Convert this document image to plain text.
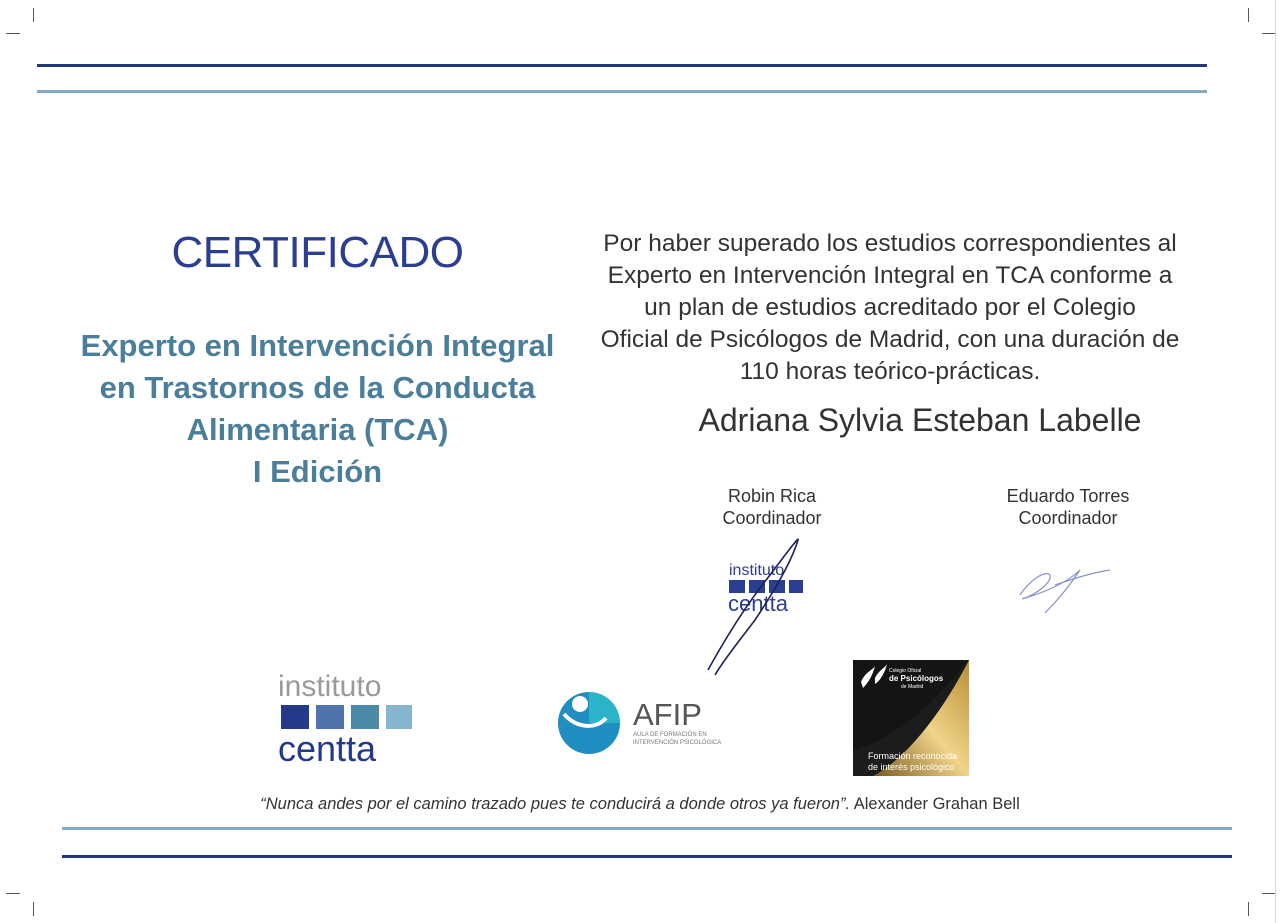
CERTIFICADO
Experto en Intervención Integral
en Trastornos de la Conducta
Alimentaria (TCA)
I Edición
Por haber superado los estudios correspondientes al
Experto en Intervención Integral en TCA conforme a
un plan de estudios acreditado por el Colegio
Oficial de Psicólogos de Madrid, con una duración de
110 horas teórico-prácticas.
Adriana Sylvia Esteban Labelle
Robin Rica
Coordinador
Eduardo Torres
Coordinador
instituto
centta
instituto
centta
AFIP
AULA DE FORMACIÓN EN
INTERVENCIÓN PSICOLÓGICA
Colegio Oficial
de Psicólogos
de Madrid
Formación reconocida
de interés psicológico
“Nunca andes por el camino trazado pues te conducirá a donde otros ya fueron”. Alexander Grahan Bell
